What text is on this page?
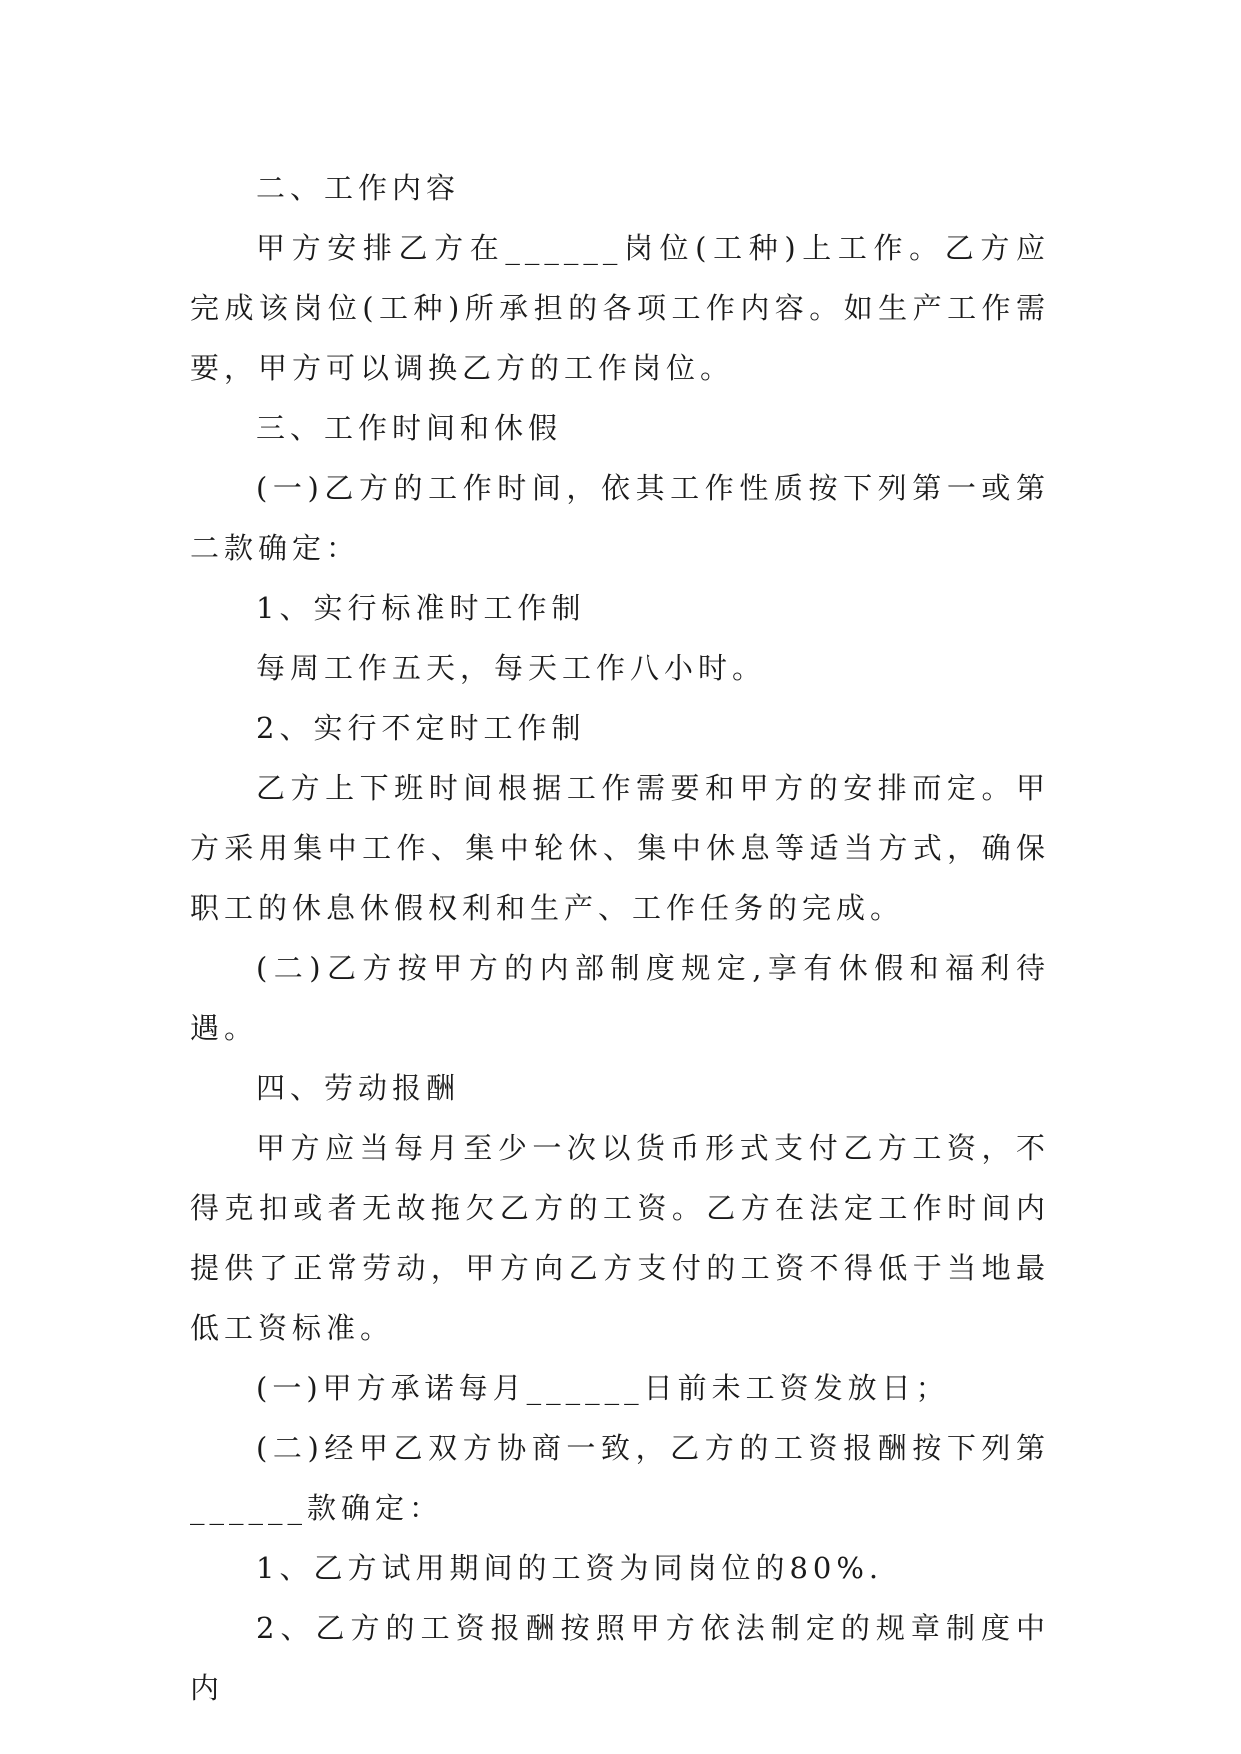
二、工作内容

甲方安排乙方在______岗位(工种)上工作。乙方应完成该岗位(工种)所承担的各项工作内容。如生产工作需要，甲方可以调换乙方的工作岗位。

三、工作时间和休假

(一)乙方的工作时间，依其工作性质按下列第一或第二款确定：

1、实行标准时工作制

每周工作五天，每天工作八小时。

2、实行不定时工作制

乙方上下班时间根据工作需要和甲方的安排而定。甲方采用集中工作、集中轮休、集中休息等适当方式，确保职工的休息休假权利和生产、工作任务的完成。

(二)乙方按甲方的内部制度规定,享有休假和福利待遇。

四、劳动报酬

甲方应当每月至少一次以货币形式支付乙方工资，不得克扣或者无故拖欠乙方的工资。乙方在法定工作时间内提供了正常劳动，甲方向乙方支付的工资不得低于当地最低工资标准。

(一)甲方承诺每月______日前未工资发放日；

(二)经甲乙双方协商一致，乙方的工资报酬按下列第______款确定：

1、乙方试用期间的工资为同岗位的80%.

2、乙方的工资报酬按照甲方依法制定的规章制度中内
